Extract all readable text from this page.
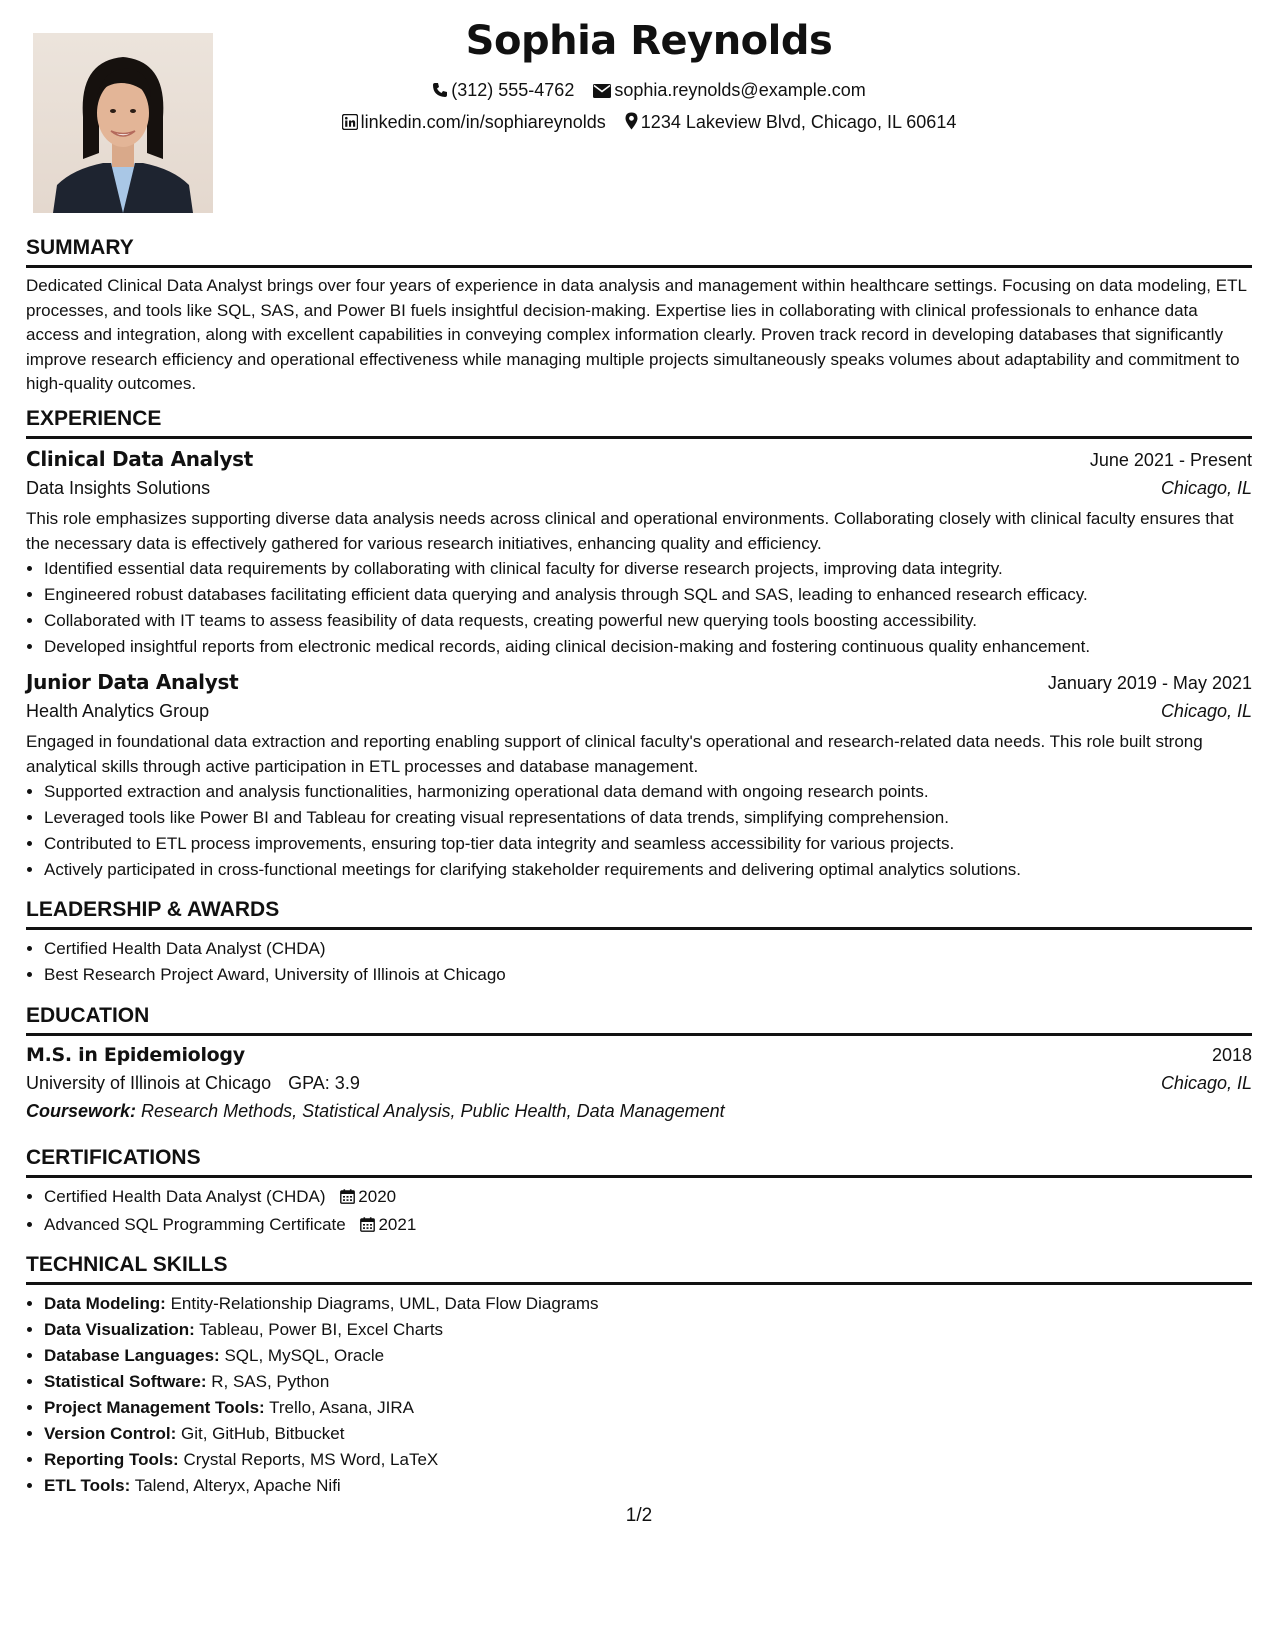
Sophia Reynolds
(312) 555-4762 sophia.reynolds@example.com
linkedin.com/in/sophiareynolds 1234 Lakeview Blvd, Chicago, IL 60614
SUMMARY
Dedicated Clinical Data Analyst brings over four years of experience in data analysis and management within healthcare settings. Focusing on data modeling, ETL processes, and tools like SQL, SAS, and Power BI fuels insightful decision-making. Expertise lies in collaborating with clinical professionals to enhance data access and integration, along with excellent capabilities in conveying complex information clearly. Proven track record in developing databases that significantly improve research efficiency and operational effectiveness while managing multiple projects simultaneously speaks volumes about adaptability and commitment to high-quality outcomes.
EXPERIENCE
Clinical Data Analyst	June 2021 - Present
Data Insights Solutions	Chicago, IL
This role emphasizes supporting diverse data analysis needs across clinical and operational environments. Collaborating closely with clinical faculty ensures that the necessary data is effectively gathered for various research initiatives, enhancing quality and efficiency.
• Identified essential data requirements by collaborating with clinical faculty for diverse research projects, improving data integrity.
• Engineered robust databases facilitating efficient data querying and analysis through SQL and SAS, leading to enhanced research efficacy.
• Collaborated with IT teams to assess feasibility of data requests, creating powerful new querying tools boosting accessibility.
• Developed insightful reports from electronic medical records, aiding clinical decision-making and fostering continuous quality enhancement.
Junior Data Analyst	January 2019 - May 2021
Health Analytics Group	Chicago, IL
Engaged in foundational data extraction and reporting enabling support of clinical faculty's operational and research-related data needs. This role built strong analytical skills through active participation in ETL processes and database management.
• Supported extraction and analysis functionalities, harmonizing operational data demand with ongoing research points.
• Leveraged tools like Power BI and Tableau for creating visual representations of data trends, simplifying comprehension.
• Contributed to ETL process improvements, ensuring top-tier data integrity and seamless accessibility for various projects.
• Actively participated in cross-functional meetings for clarifying stakeholder requirements and delivering optimal analytics solutions.
LEADERSHIP & AWARDS
• Certified Health Data Analyst (CHDA)
• Best Research Project Award, University of Illinois at Chicago
EDUCATION
M.S. in Epidemiology	2018
University of Illinois at Chicago GPA: 3.9	Chicago, IL
Coursework: Research Methods, Statistical Analysis, Public Health, Data Management
CERTIFICATIONS
• Certified Health Data Analyst (CHDA) 2020
• Advanced SQL Programming Certificate 2021
TECHNICAL SKILLS
• Data Modeling: Entity-Relationship Diagrams, UML, Data Flow Diagrams
• Data Visualization: Tableau, Power BI, Excel Charts
• Database Languages: SQL, MySQL, Oracle
• Statistical Software: R, SAS, Python
• Project Management Tools: Trello, Asana, JIRA
• Version Control: Git, GitHub, Bitbucket
• Reporting Tools: Crystal Reports, MS Word, LaTeX
• ETL Tools: Talend, Alteryx, Apache Nifi
1/2
